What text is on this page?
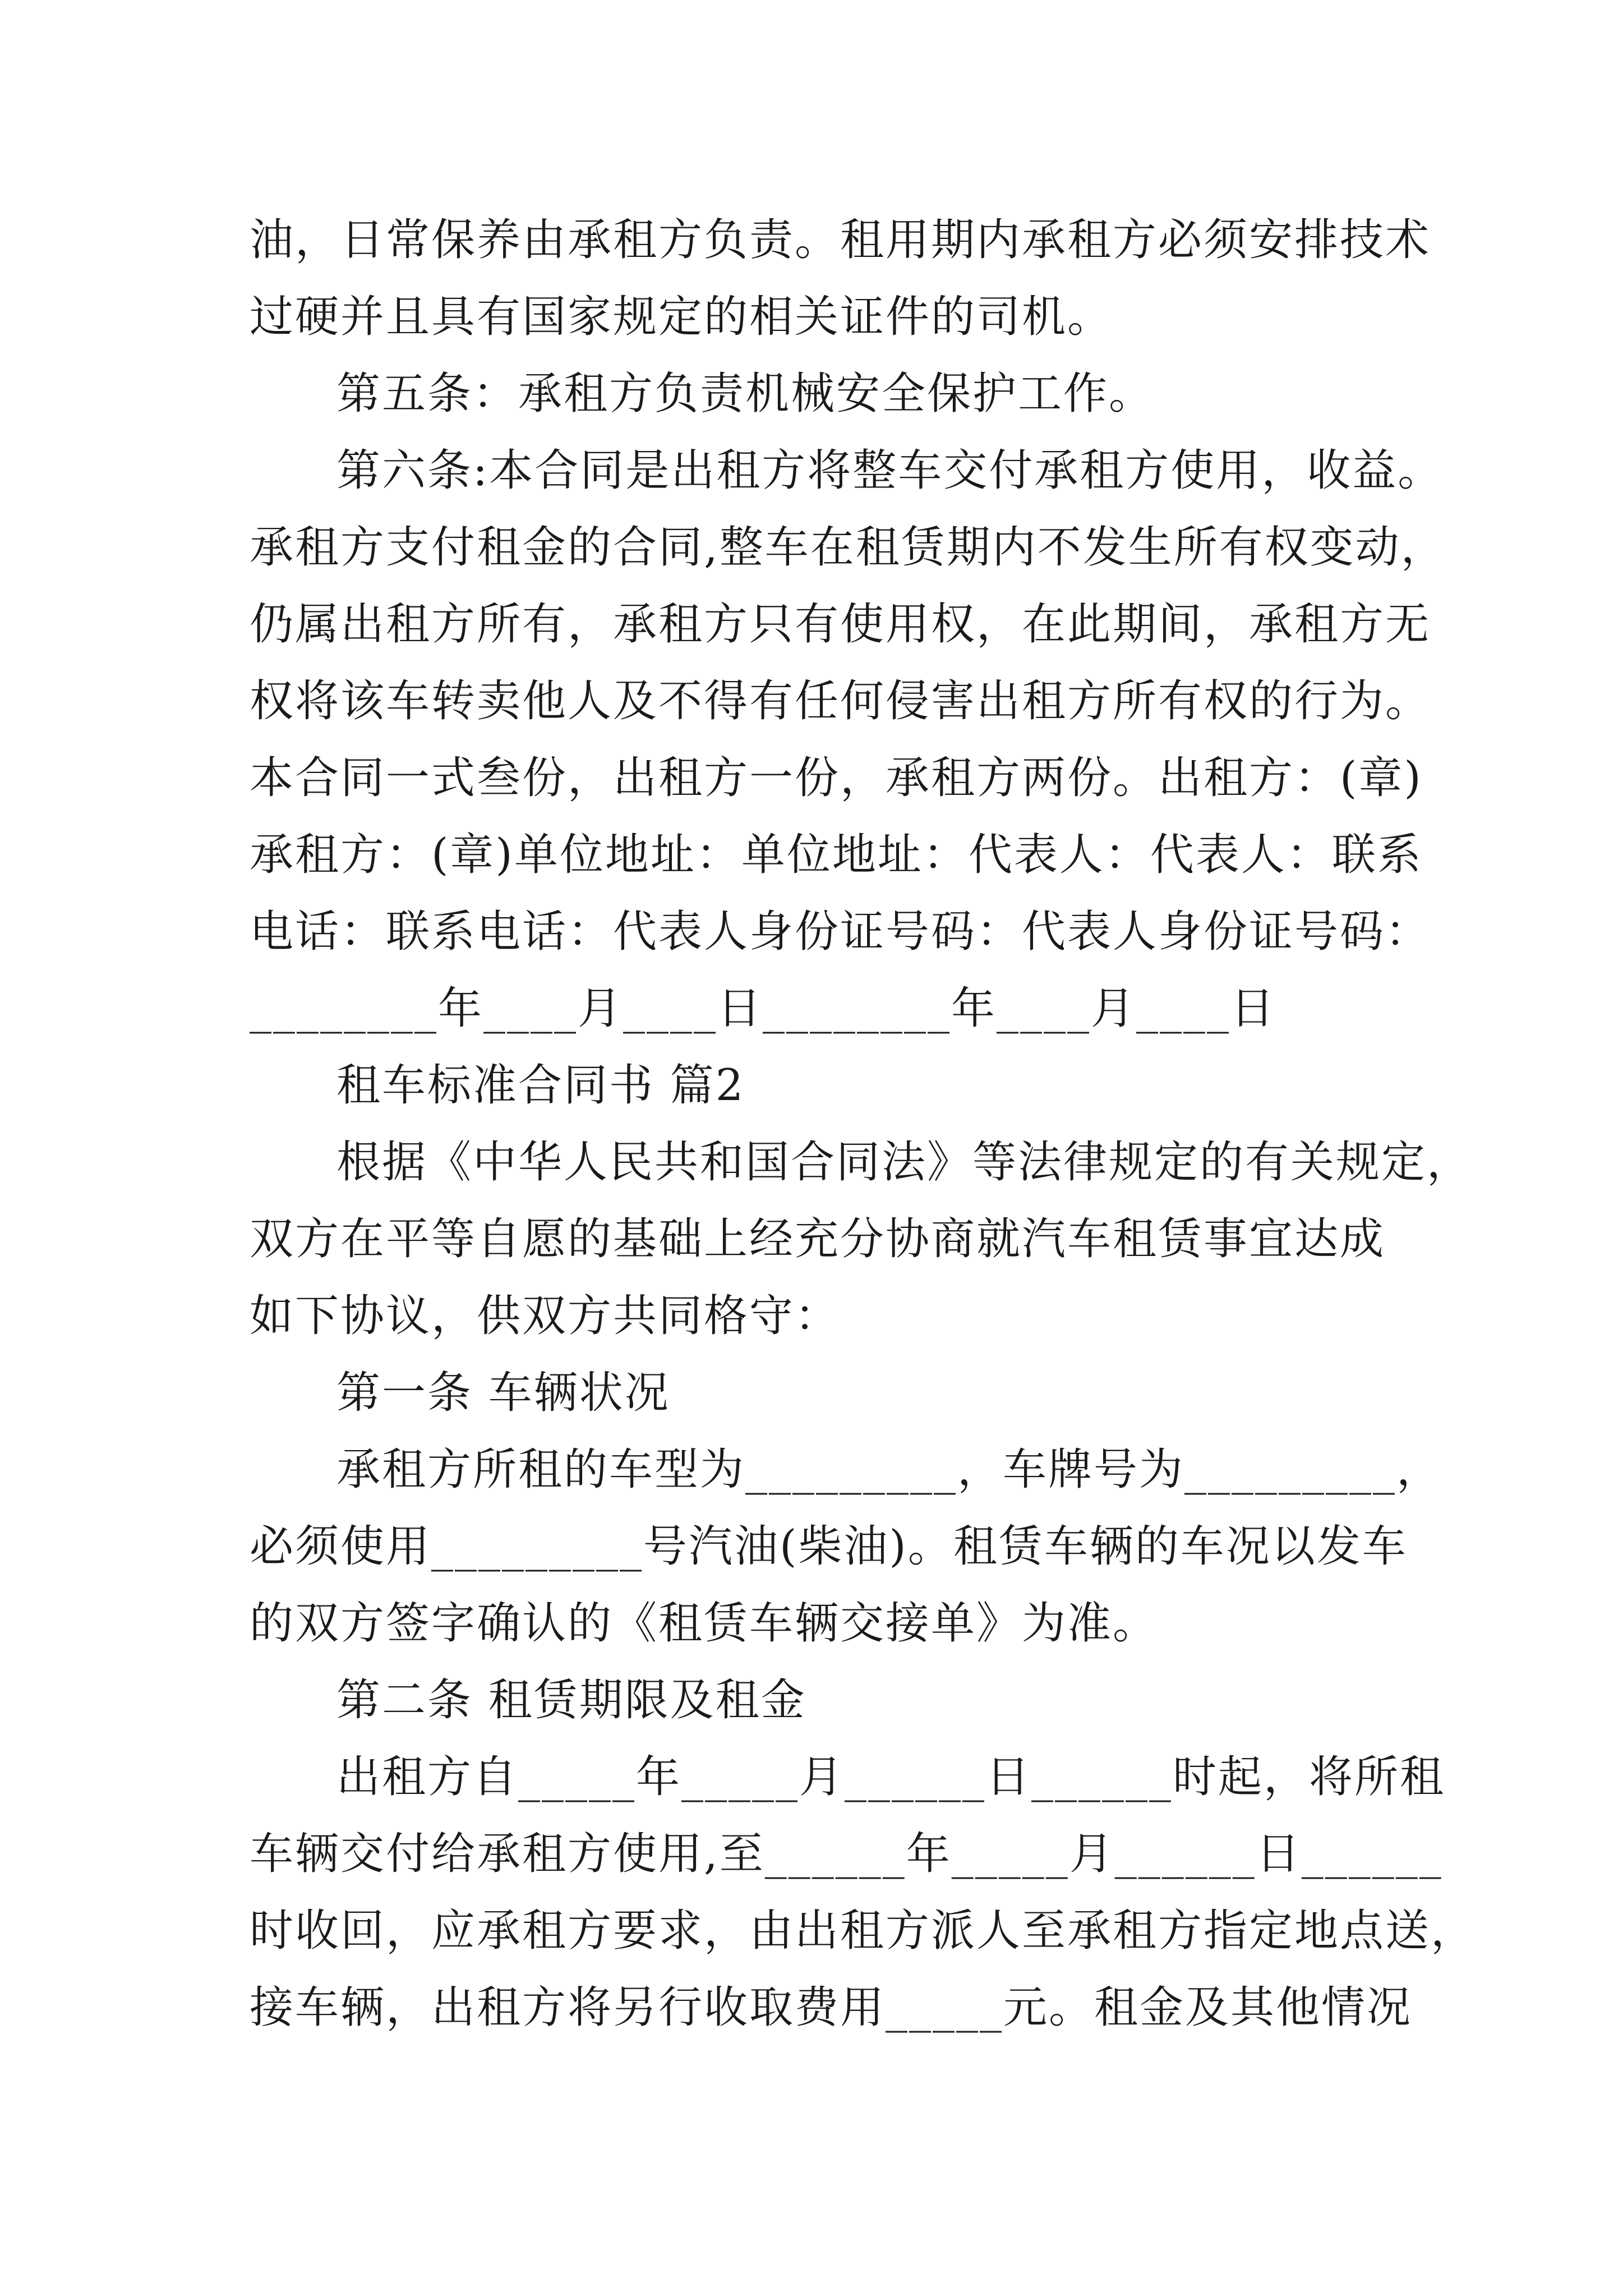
油，日常保养由承租方负责。租用期内承租方必须安排技术
过硬并且具有国家规定的相关证件的司机。
第五条：承租方负责机械安全保护工作。
第六条:本合同是出租方将整车交付承租方使用，收益。
承租方支付租金的合同,整车在租赁期内不发生所有权变动，
仍属出租方所有，承租方只有使用权，在此期间，承租方无
权将该车转卖他人及不得有任何侵害出租方所有权的行为。
本合同一式叁份，出租方一份，承租方两份。出租方：(章)
承租方：(章)单位地址：单位地址：代表人：代表人：联系
电话：联系电话：代表人身份证号码：代表人身份证号码：
________年____月____日________年____月____日
租车标准合同书 篇2
根据《中华人民共和国合同法》等法律规定的有关规定，
双方在平等自愿的基础上经充分协商就汽车租赁事宜达成
如下协议，供双方共同格守：
第一条 车辆状况
承租方所租的车型为_________，车牌号为_________，
必须使用_________号汽油(柴油)。租赁车辆的车况以发车
的双方签字确认的《租赁车辆交接单》为准。
第二条 租赁期限及租金
出租方自_____年_____月______日______时起，将所租
车辆交付给承租方使用,至______年_____月______日______
时收回，应承租方要求，由出租方派人至承租方指定地点送，
接车辆，出租方将另行收取费用_____元。租金及其他情况
